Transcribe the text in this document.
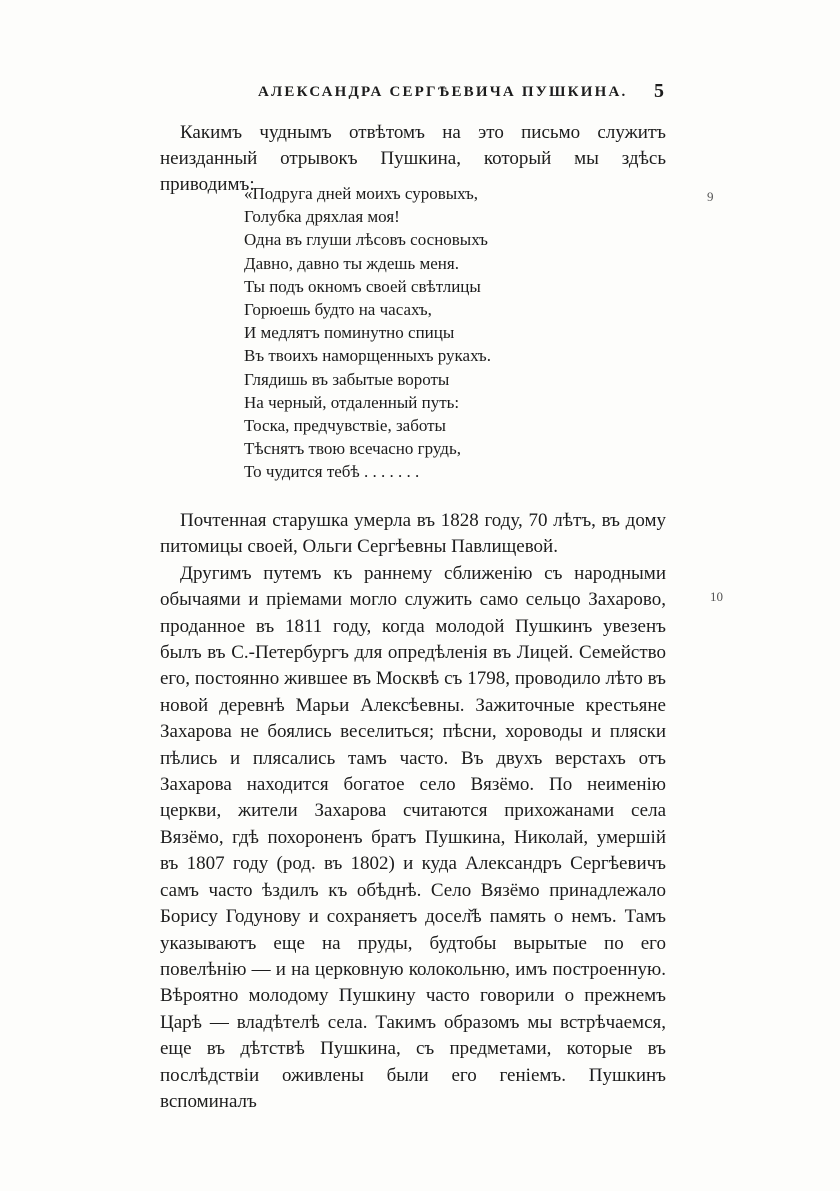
АЛЕКСАНДРА СЕРГѢЕВИЧА ПУШКИНА. 5

Какимъ чуднымъ отвѣтомъ на это письмо служитъ неизданный отрывокъ Пушкина, который мы здѣсь приводимъ:

«Подруга дней моихъ суровыхъ,
Голубка дряхлая моя!
Одна въ глуши лѣсовъ сосновыхъ
Давно, давно ты ждешь меня.
Ты подъ окномъ своей свѣтлицы
Горюешь будто на часахъ,
И медлятъ поминутно спицы
Въ твоихъ наморщенныхъ рукахъ.
Глядишь въ забытые вороты
На черный, отдаленный путь:
Тоска, предчувствіе, заботы
Тѣснятъ твою всечасно грудь,
То чудится тебѣ . . . . . . .
9
10

Почтенная старушка умерла въ 1828 году, 70 лѣтъ, въ дому питомицы своей, Ольги Сергѣевны Павлищевой.

Другимъ путемъ къ раннему сближенію съ народными обычаями и пріемами могло служить само сельцо Захарово, проданное въ 1811 году, когда молодой Пушкинъ увезенъ былъ въ С.-Петербургъ для опредѣленія въ Лицей. Семейство его, постоянно жившее въ Москвѣ съ 1798, проводило лѣто въ новой деревнѣ Марьи Алексѣевны. Зажиточные крестьяне Захарова не боялись веселиться; пѣсни, хороводы и пляски пѣлись и плясались тамъ часто. Въ двухъ верстахъ отъ Захарова находится богатое село Вязёмо. По неименію церкви, жители Захарова считаются прихожанами села Вязёмо, гдѣ похороненъ братъ Пушкина, Николай, умершій въ 1807 году (род. въ 1802) и куда Александръ Сергѣевичъ самъ часто ѣздилъ къ обѣднѣ. Село Вязёмо принадлежало Борису Годунову и сохраняетъ досел̌ѣ память о немъ. Тамъ указываютъ еще на пруды, будтобы вырытые по его повелѣнію — и на церковную колокольню, имъ построенную. Вѣроятно молодому Пушкину часто говорили о прежнемъ Царѣ — владѣтелѣ села. Такимъ образомъ мы встрѣчаемся, еще въ дѣтствѣ Пушкина, съ предметами, которые въ послѣдствіи оживлены были его геніемъ. Пушкинъ вспоминалъ
